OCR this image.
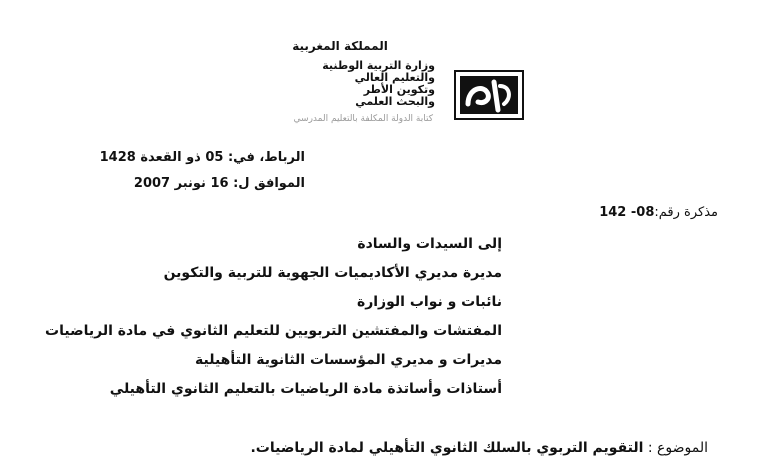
المملكة المغربية
وزارة التربية الوطنية
والتعليم العالي
وتكوين الأطر
والبحث العلمي
كتابة الدولة المكلفة بالتعليم المدرسي
الرباط، في: 05 ذو القعدة 1428
الموافق ل: 16 نونبر 2007
مذكرة رقم:08- 142
إلى السيدات والسادة
مديرة مديري الأكاديميات الجهوية للتربية والتكوين
نائبات و نواب الوزارة
المفتشات والمفتشين التربويين للتعليم الثانوي في مادة الرياضيات
مديرات و مديري المؤسسات الثانوية التأهيلية
أستاذات وأساتذة مادة الرياضيات بالتعليم الثانوي التأهيلي
الموضوع : التقويم التربوي بالسلك الثانوي التأهيلي لمادة الرياضيات.
